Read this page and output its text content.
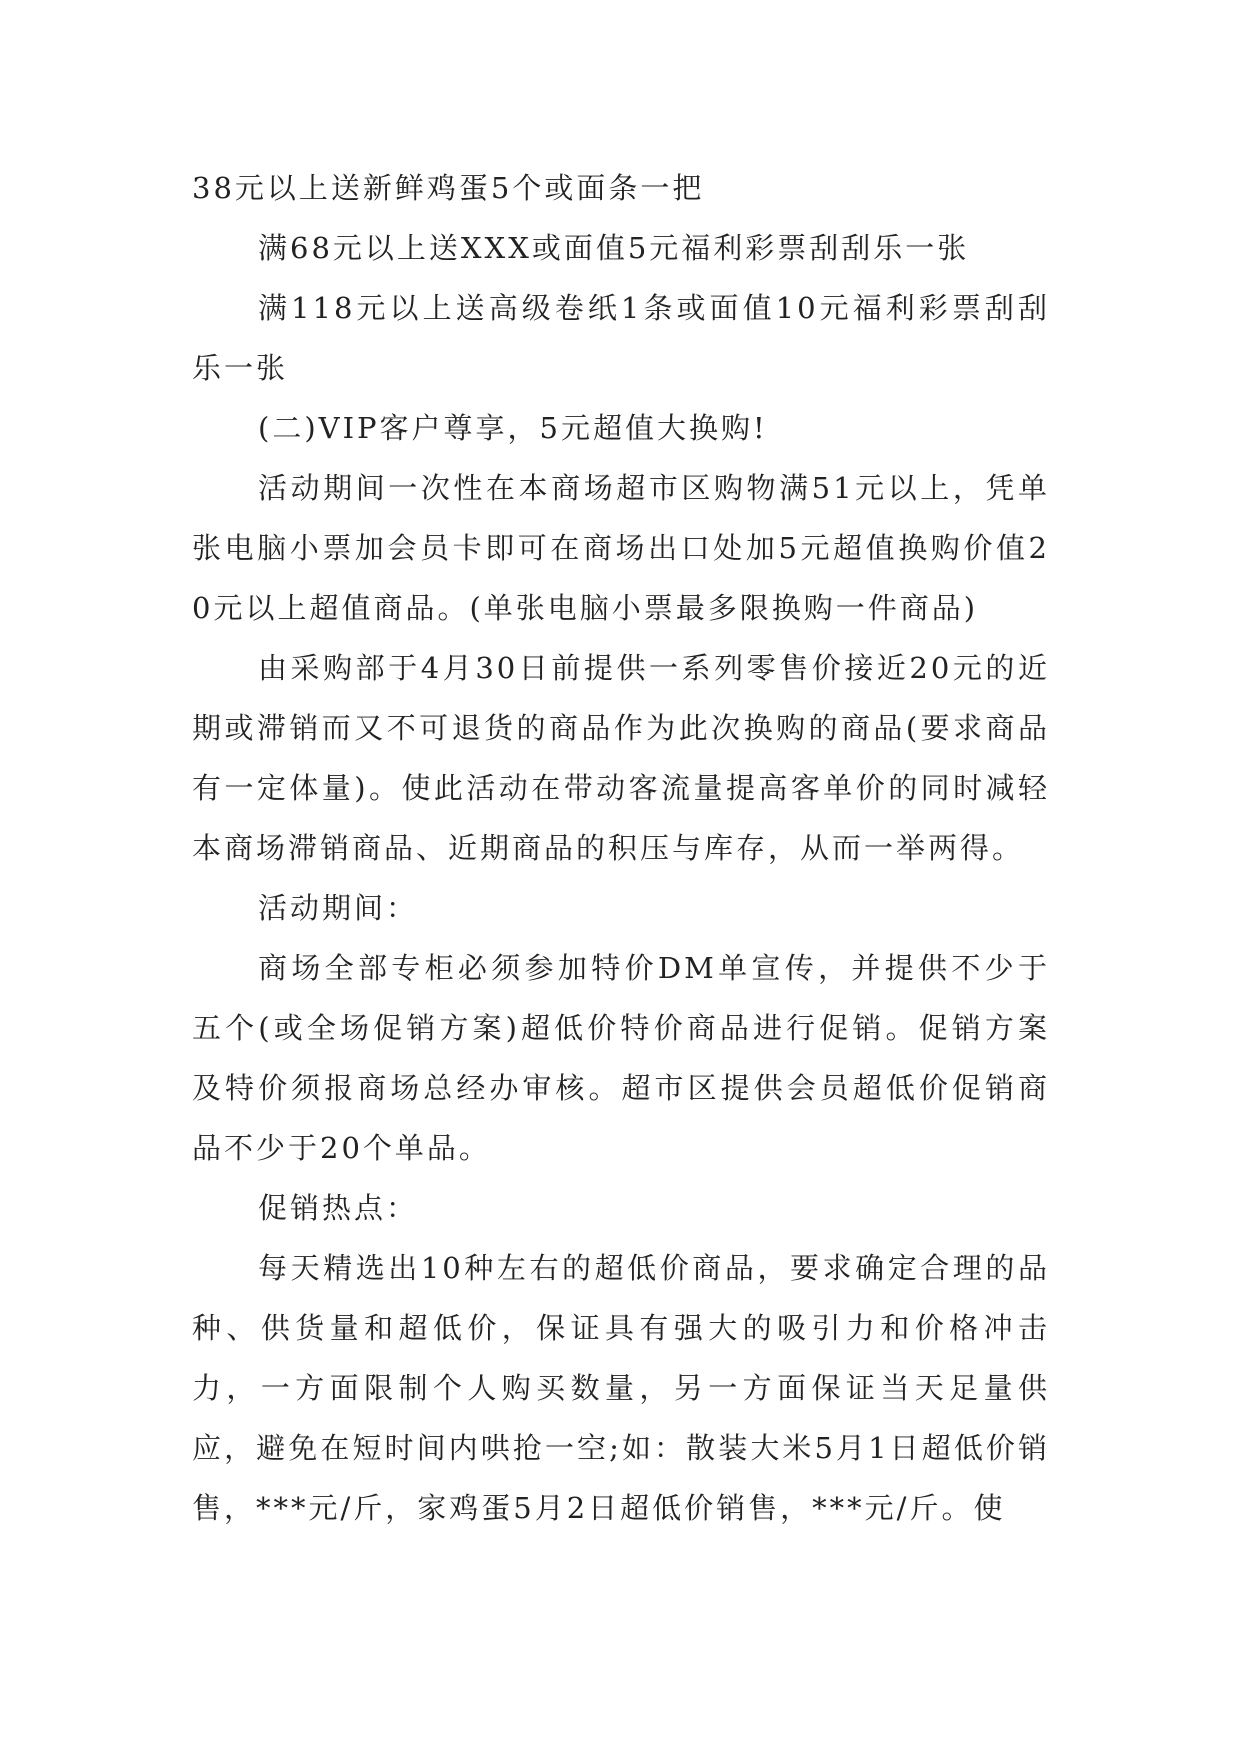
38元以上送新鲜鸡蛋5个或面条一把

满68元以上送XXX或面值5元福利彩票刮刮乐一张

满118元以上送高级卷纸1条或面值10元福利彩票刮刮乐一张

(二)VIP客户尊享，5元超值大换购!

活动期间一次性在本商场超市区购物满51元以上，凭单张电脑小票加会员卡即可在商场出口处加5元超值换购价值20元以上超值商品。(单张电脑小票最多限换购一件商品)

由采购部于4月30日前提供一系列零售价接近20元的近期或滞销而又不可退货的商品作为此次换购的商品(要求商品有一定体量)。使此活动在带动客流量提高客单价的同时减轻本商场滞销商品、近期商品的积压与库存，从而一举两得。

活动期间：

商场全部专柜必须参加特价DM单宣传，并提供不少于五个(或全场促销方案)超低价特价商品进行促销。促销方案及特价须报商场总经办审核。超市区提供会员超低价促销商品不少于20个单品。

促销热点：

每天精选出10种左右的超低价商品，要求确定合理的品种、供货量和超低价，保证具有强大的吸引力和价格冲击力，一方面限制个人购买数量，另一方面保证当天足量供应，避免在短时间内哄抢一空;如：散装大米5月1日超低价销售，***元/斤，家鸡蛋5月2日超低价销售，***元/斤。使
